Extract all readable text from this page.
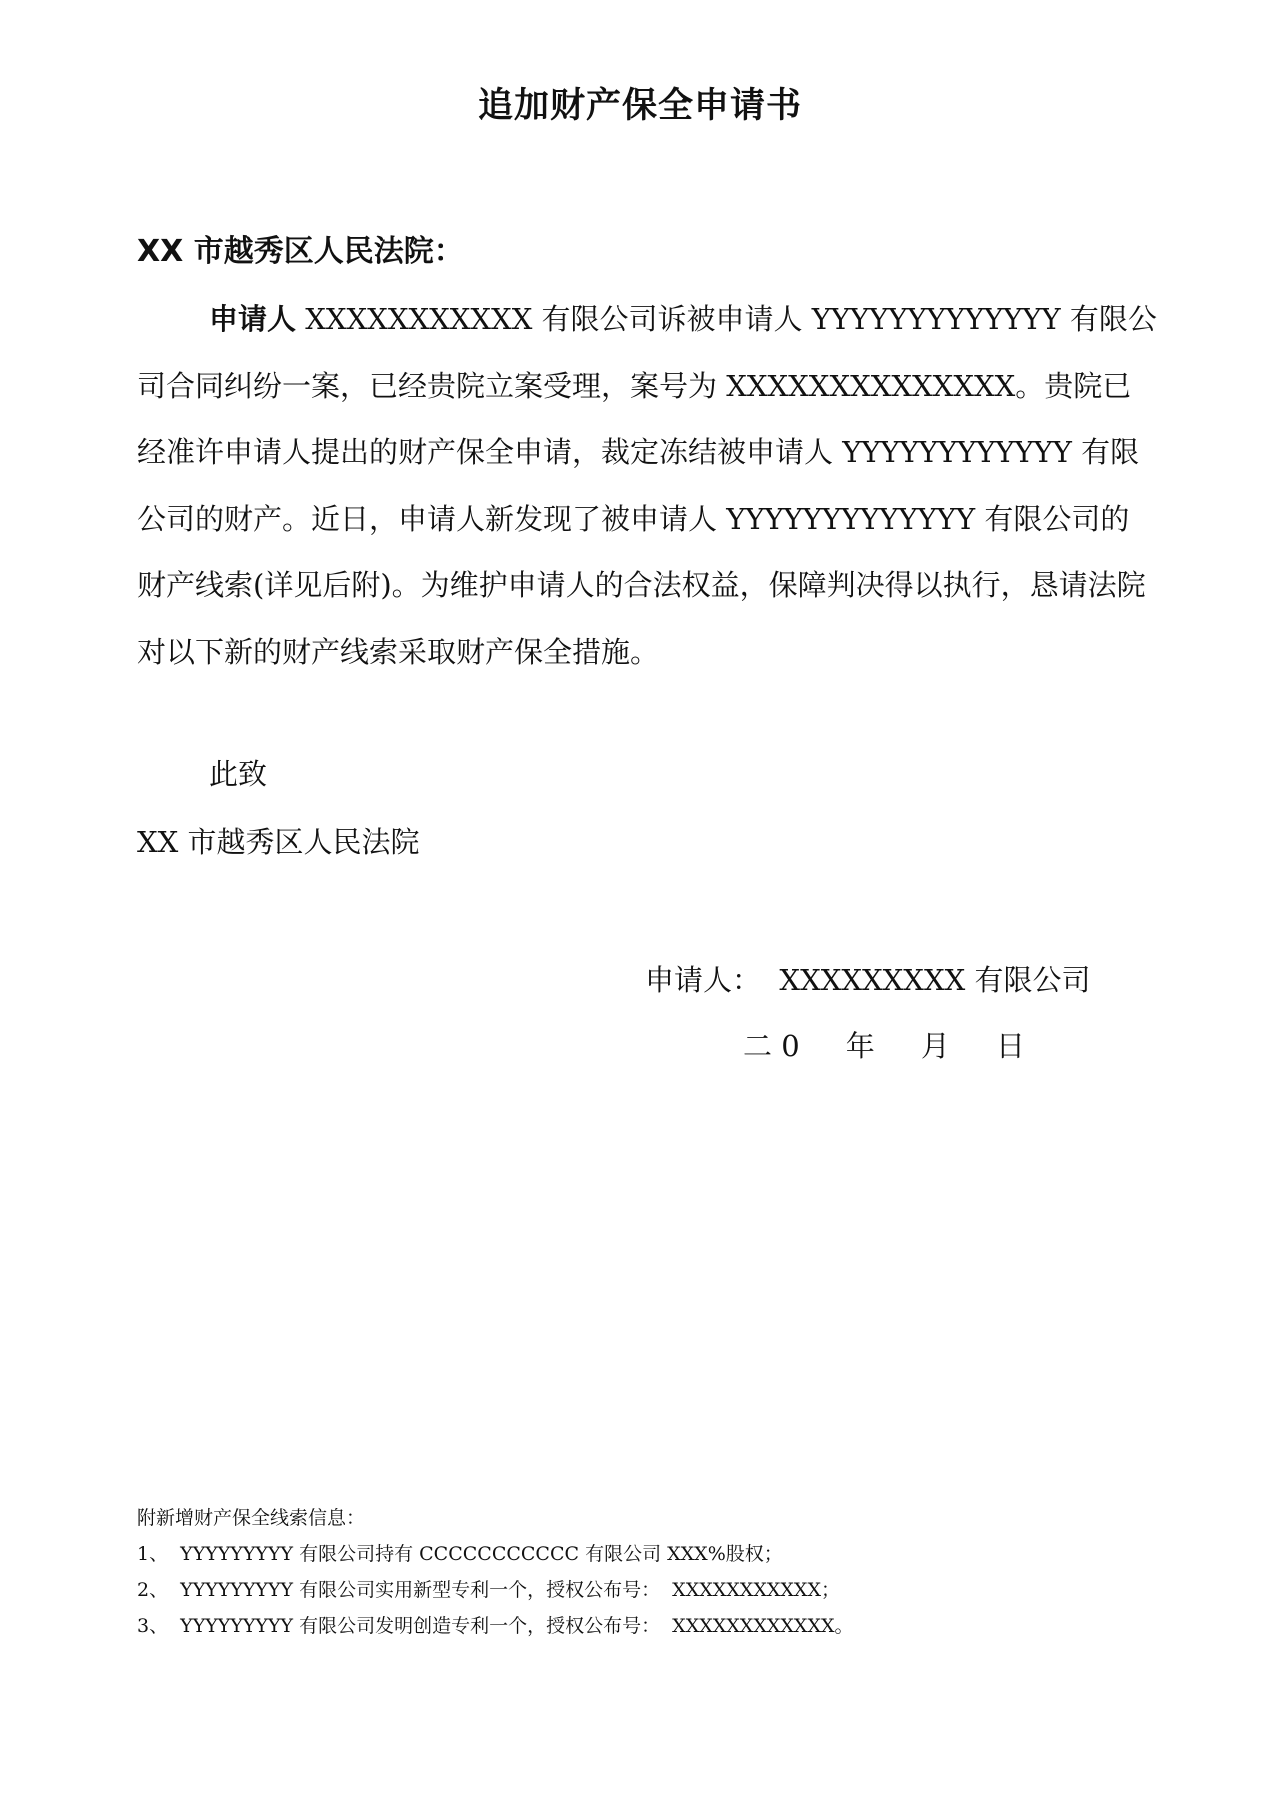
追加财产保全申请书
XX 市越秀区人民法院：

申请人 XXXXXXXXXXX 有限公司诉被申请人 YYYYYYYYYYYYY 有限公司合同纠纷一案，已经贵院立案受理，案号为 XXXXXXXXXXXXXX。贵院已经准许申请人提出的财产保全申请，裁定冻结被申请人 YYYYYYYYYYYY 有限公司的财产。近日，申请人新发现了被申请人 YYYYYYYYYYYYY 有限公司的财产线索(详见后附)。为维护申请人的合法权益，保障判决得以执行，恳请法院对以下新的财产线索采取财产保全措施。

此致
XX 市越秀区人民法院
申请人：  XXXXXXXXX 有限公司
二 0     年     月     日
附新增财产保全线索信息：
1、  YYYYYYYYY 有限公司持有 CCCCCCCCCCC 有限公司 XXX%股权；
2、  YYYYYYYYY 有限公司实用新型专利一个，授权公布号：  XXXXXXXXXXX；
3、  YYYYYYYYY 有限公司发明创造专利一个，授权公布号：  XXXXXXXXXXXX。
